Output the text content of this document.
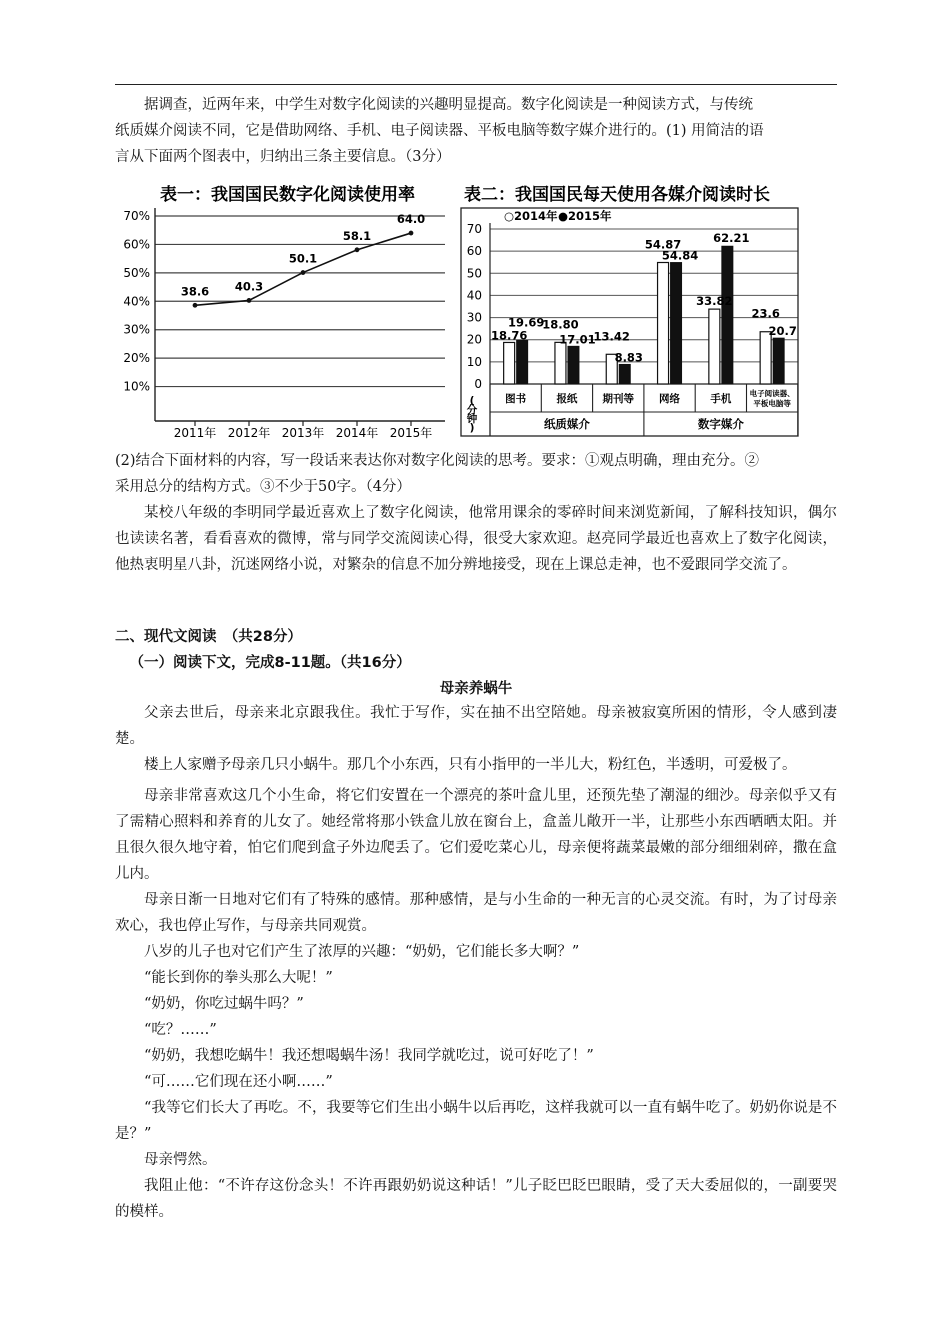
据调查，近两年来，中学生对数字化阅读的兴趣明显提高。数字化阅读是一种阅读方式，与传统

纸质媒介阅读不同，它是借助网络、手机、电子阅读器、平板电脑等数字媒介进行的。(1) 用简洁的语

言从下面两个图表中，归纳出三条主要信息。（3分）

表一：我国国民数字化阅读使用率
70%
60%
50%
40%
30%
20%
10%
2011年 2012年 2013年 2014年 2015年
38.6 40.3
50.1
58.1
64.0
表二：我国国民每天使用各媒介阅读时长
○2014年 ●2015年
70
60
50
40
30
20
10
0
(
分
钟
)
图书	报纸 期刊等 网络	手机 电子阅读器、
平板电脑等
纸质媒介	数字媒介
18.76
19.69
18.80
17.01
13.42
8.83
54.87
54.84
33.82
62.21
23.6
20.7

(2)结合下面材料的内容，写一段话来表达你对数字化阅读的思考。要求：①观点明确，理由充分。②

采用总分的结构方式。③不少于50字。（4分）

某校八年级的李明同学最近喜欢上了数字化阅读，他常用课余的零碎时间来浏览新闻，了解科技知识，偶尔也读读名著，看看喜欢的微博，常与同学交流阅读心得，很受大家欢迎。赵亮同学最近也喜欢上了数字化阅读，他热衷明星八卦，沉迷网络小说，对繁杂的信息不加分辨地接受，现在上课总走神，也不爱跟同学交流了。

二、现代文阅读　（共28分）

（一）阅读下文，完成8-11题。（共16分）

母亲养蜗牛

父亲去世后，母亲来北京跟我住。我忙于写作，实在抽不出空陪她。母亲被寂寞所困的情形，令人感到凄楚。

楼上人家赠予母亲几只小蜗牛。那几个小东西，只有小指甲的一半儿大，粉红色，半透明，可爱极了。

母亲非常喜欢这几个小生命，将它们安置在一个漂亮的茶叶盒儿里，还预先垫了潮湿的细沙。母亲似乎又有了需精心照料和养育的儿女了。她经常将那小铁盒儿放在窗台上，盒盖儿敞开一半，让那些小东西晒晒太阳。并且很久很久地守着，怕它们爬到盒子外边爬丢了。它们爱吃菜心儿，母亲便将蔬菜最嫩的部分细细剁碎，撒在盒儿内。

母亲日渐一日地对它们有了特殊的感情。那种感情，是与小生命的一种无言的心灵交流。有时，为了讨母亲欢心，我也停止写作，与母亲共同观赏。

八岁的儿子也对它们产生了浓厚的兴趣：“奶奶，它们能长多大啊？”

“能长到你的拳头那么大呢！”

“奶奶，你吃过蜗牛吗？”

“吃？……”

“奶奶，我想吃蜗牛！我还想喝蜗牛汤！我同学就吃过，说可好吃了！”

“可……它们现在还小啊……”

“我等它们长大了再吃。不，我要等它们生出小蜗牛以后再吃，这样我就可以一直有蜗牛吃了。奶奶你说是不是？”

母亲愕然。

我阻止他：“不许存这份念头！不许再跟奶奶说这种话！”儿子眨巴眨巴眼睛，受了天大委屈似的，一副要哭的模样。
